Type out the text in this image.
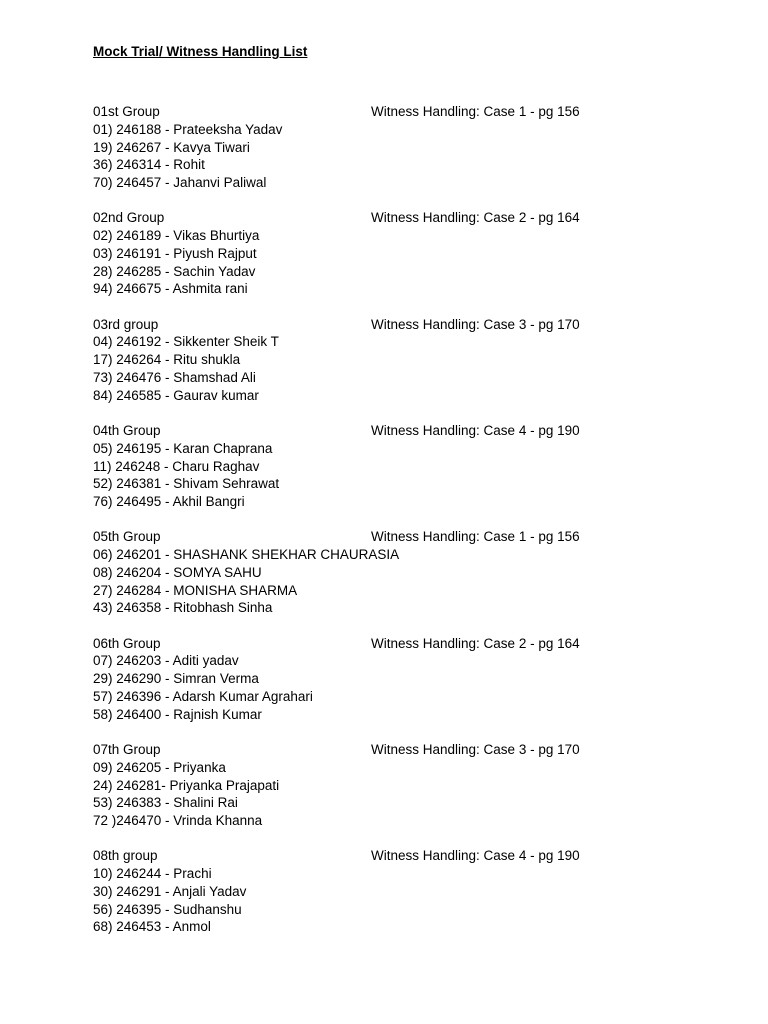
Mock Trial/ Witness Handling List
01st Group	Witness Handling: Case 1 - pg 156
01) 246188 - Prateeksha Yadav
19) 246267 - Kavya Tiwari
36) 246314 - Rohit
70) 246457 - Jahanvi Paliwal
02nd Group	Witness Handling: Case 2 - pg 164
02) 246189 - Vikas Bhurtiya
03) 246191 - Piyush Rajput
28) 246285 - Sachin Yadav
94) 246675 - Ashmita rani
03rd group	Witness Handling: Case 3 - pg 170
04) 246192 - Sikkenter Sheik T
17) 246264 - Ritu shukla
73) 246476 - Shamshad Ali
84) 246585 - Gaurav kumar
04th Group	Witness Handling: Case 4 - pg 190
05) 246195 - Karan Chaprana
11) 246248 - Charu Raghav
52) 246381 - Shivam Sehrawat
76) 246495 - Akhil Bangri
05th Group	Witness Handling: Case 1 - pg 156
06) 246201 - SHASHANK SHEKHAR CHAURASIA
08) 246204 - SOMYA SAHU
27) 246284 - MONISHA SHARMA
43) 246358 - Ritobhash Sinha
06th Group	Witness Handling: Case 2 - pg 164
07) 246203 - Aditi yadav
29) 246290 - Simran Verma
57) 246396 - Adarsh Kumar Agrahari
58) 246400 - Rajnish Kumar
07th Group	Witness Handling: Case 3 - pg 170
09) 246205 - Priyanka
24) 246281- Priyanka Prajapati
53) 246383 - Shalini Rai
72 )246470 - Vrinda Khanna
08th group	Witness Handling: Case 4 - pg 190
10) 246244 - Prachi
30) 246291 - Anjali Yadav
56) 246395 - Sudhanshu
68) 246453 - Anmol
